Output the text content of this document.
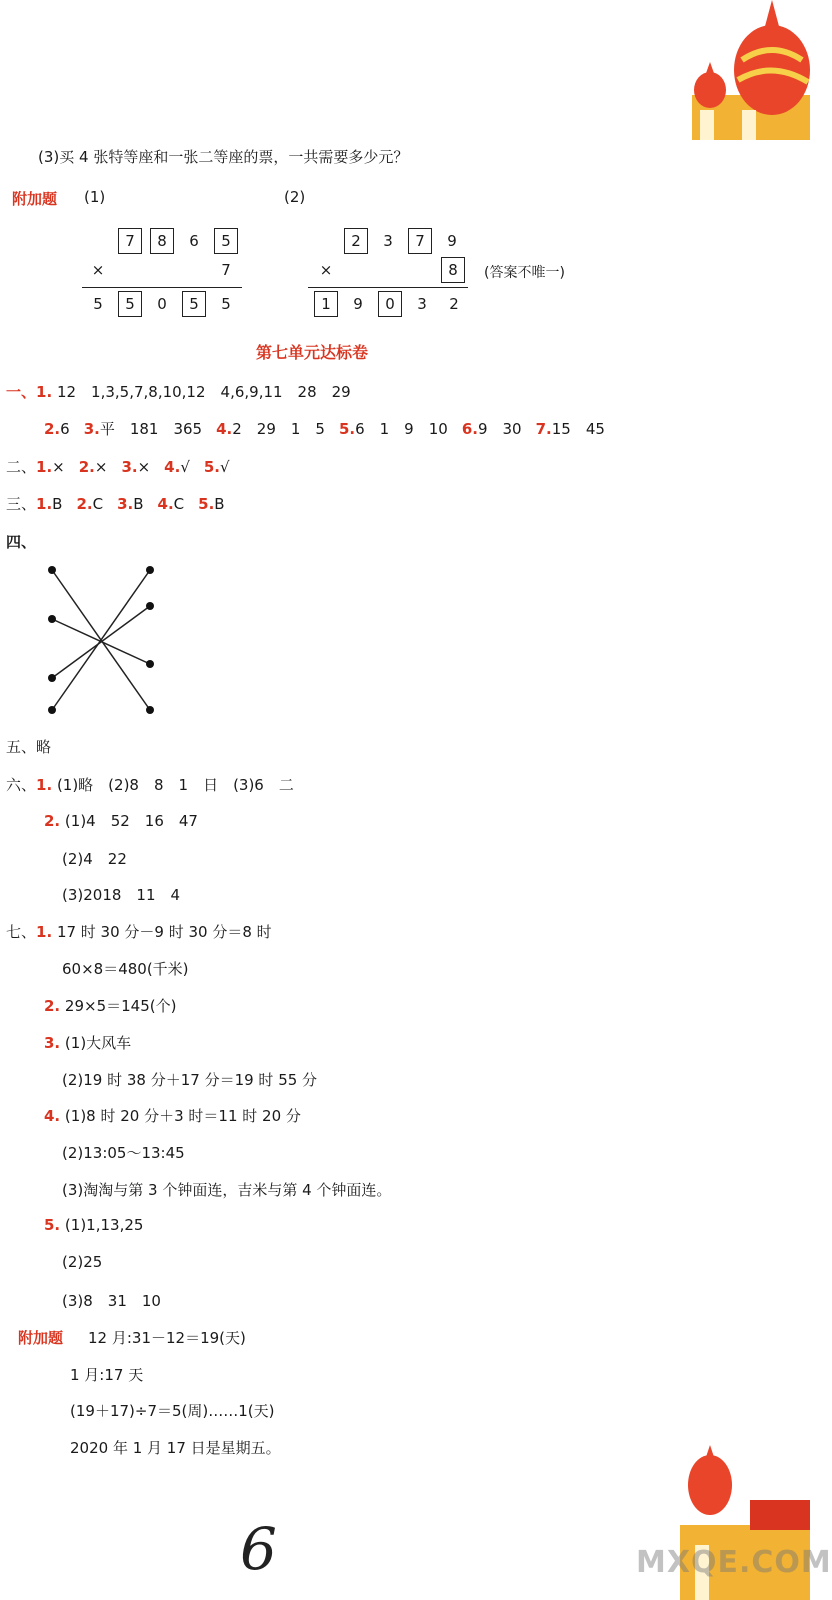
MXQE.COM
(3)买 4 张特等座和一张二等座的票，一共需要多少元？
附加题 (1)	(2)
7	8	6	5
×	7
5	5	0	5	5
2	3	7	9
×	8
1	9	0	3	2
(答案不唯一)
第七单元达标卷
一、1. 12　1,3,5,7,8,10,12　4,6,9,11　28　29
2.6 3.平　181　365 4.2　29　1　5 5.6　1　9　10 6.9　30 7.15　45
二、1.× 2.× 3.× 4.√ 5.√
三、1.B 2.C 3.B 4.C 5.B
四、
五、略
六、1. (1)略　(2)8　8　1　日　(3)6　二
2. (1)4　52　16　47
(2)4　22
(3)2018　11　4
七、1. 17 时 30 分－9 时 30 分＝8 时
60×8＝480(千米)
2. 29×5＝145(个)
3. (1)大风车
(2)19 时 38 分＋17 分＝19 时 55 分
4. (1)8 时 20 分＋3 时＝11 时 20 分
(2)13:05～13:45
(3)淘淘与第 3 个钟面连，吉米与第 4 个钟面连。
5. (1)1,13,25
(2)25
(3)8　31　10
附加题 12 月:31－12＝19(天)
1 月:17 天
(19＋17)÷7＝5(周)……1(天)
2020 年 1 月 17 日是星期五。
6
